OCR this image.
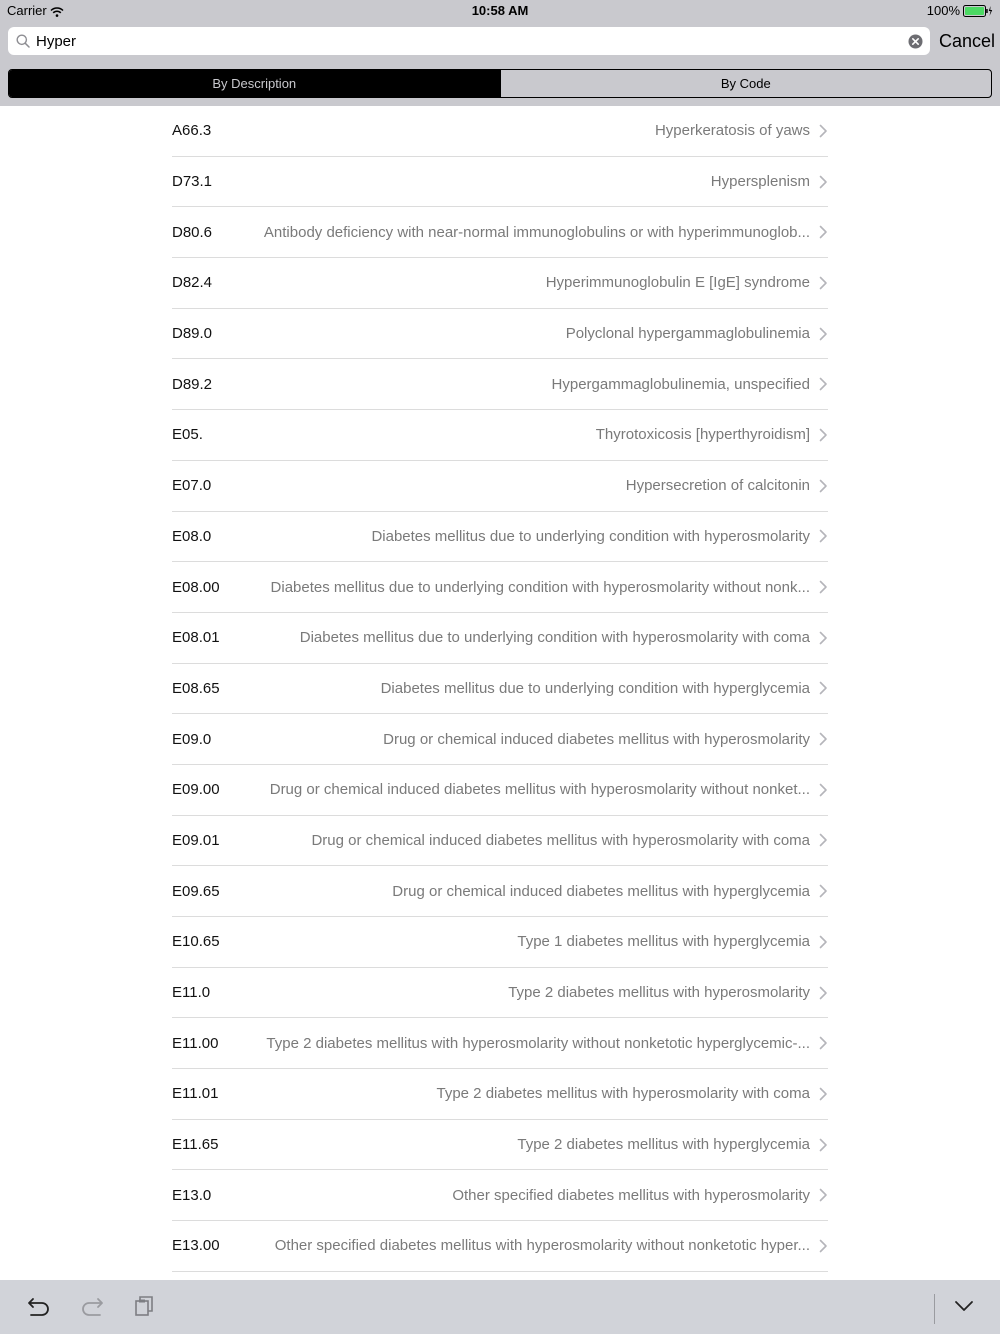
Carrier	10:58 AM	100%
Hyper
Cancel
By Description	By Code
A66.3	Hyperkeratosis of yaws
D73.1	Hypersplenism
D80.6	Antibody deficiency with near-normal immunoglobulins or with hyperimmunoglob...
D82.4	Hyperimmunoglobulin E [IgE] syndrome
D89.0	Polyclonal hypergammaglobulinemia
D89.2	Hypergammaglobulinemia, unspecified
E05.	Thyrotoxicosis [hyperthyroidism]
E07.0	Hypersecretion of calcitonin
E08.0	Diabetes mellitus due to underlying condition with hyperosmolarity
E08.00	Diabetes mellitus due to underlying condition with hyperosmolarity without nonk...
E08.01	Diabetes mellitus due to underlying condition with hyperosmolarity with coma
E08.65	Diabetes mellitus due to underlying condition with hyperglycemia
E09.0	Drug or chemical induced diabetes mellitus with hyperosmolarity
E09.00	Drug or chemical induced diabetes mellitus with hyperosmolarity without nonket...
E09.01	Drug or chemical induced diabetes mellitus with hyperosmolarity with coma
E09.65	Drug or chemical induced diabetes mellitus with hyperglycemia
E10.65	Type 1 diabetes mellitus with hyperglycemia
E11.0	Type 2 diabetes mellitus with hyperosmolarity
E11.00	Type 2 diabetes mellitus with hyperosmolarity without nonketotic hyperglycemic-...
E11.01	Type 2 diabetes mellitus with hyperosmolarity with coma
E11.65	Type 2 diabetes mellitus with hyperglycemia
E13.0	Other specified diabetes mellitus with hyperosmolarity
E13.00	Other specified diabetes mellitus with hyperosmolarity without nonketotic hyper...
